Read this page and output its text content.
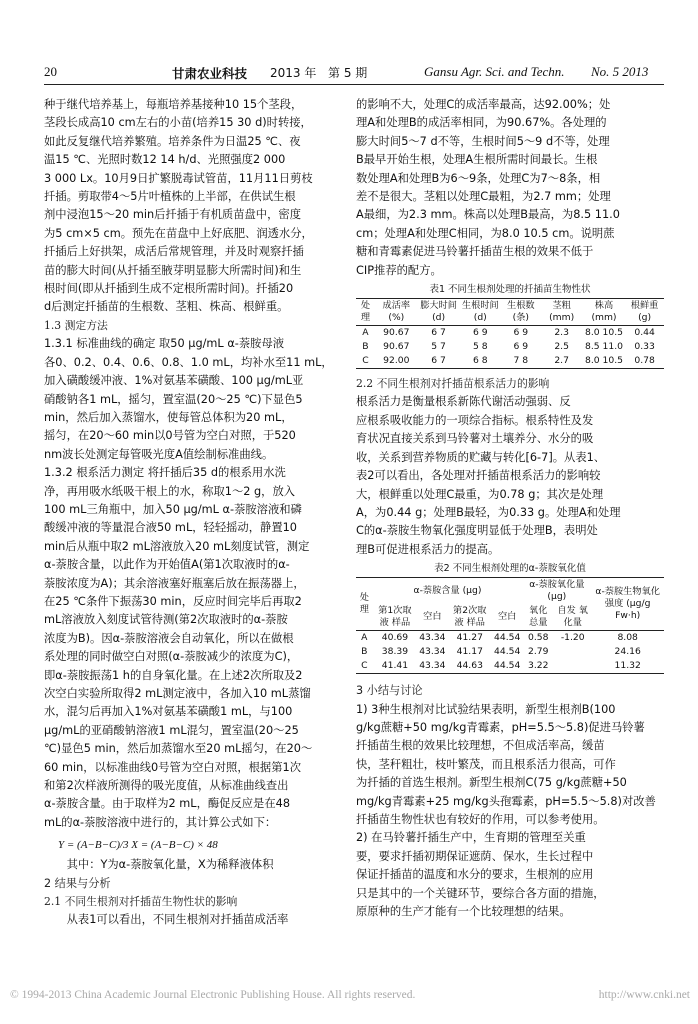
20	甘肃农业科技 2013 年 第 5 期	Gansu Agr. Sci. and Techn. No. 5 2013
种于继代培养基上，每瓶培养基接种10 15个茎段，
茎段长成高10 cm左右的小苗(培养15 30 d)时转接，
如此反复继代培养繁殖。培养条件为日温25 ℃、夜
温15 ℃、光照时数12 14 h/d、光照强度2 000
3 000 Lx。10月9日扩繁脱毒试管苗，11月11日剪枝
扦插。剪取带4～5片叶植株的上半部，在供试生根
剂中浸泡15～20 min后扦插于有机质苗盘中，密度
为5 cm×5 cm。预先在苗盘中上好底肥、润透水分，
扦插后上好拱架，成活后常规管理，并及时观察扦插
苗的膨大时间(从扦插至腋芽明显膨大所需时间)和生
根时间(即从扦插到生成不定根所需时间)。扦插20
d后测定扦插苗的生根数、茎粗、株高、根鲜重。
1.3 测定方法
1.3.1 标准曲线的确定 取50 μg/mL α-萘胺母液
各0、0.2、0.4、0.6、0.8、1.0 mL，均补水至11 mL，
加入磺酸缓冲液、1%对氨基苯磺酸、100 μg/mL亚
硝酸钠各1 mL，摇匀，置室温(20～25 ℃)下显色5
min，然后加入蒸馏水，使每管总体积为20 mL，
摇匀，在20～60 min以0号管为空白对照，于520
nm波长处测定每管吸光度A值绘制标准曲线。
1.3.2 根系活力测定 将扦插后35 d的根系用水洗
净，再用吸水纸吸干根上的水，称取1～2 g，放入
100 mL三角瓶中，加入50 μg/mL α-萘胺溶液和磷
酸缓冲液的等量混合液50 mL，轻轻摇动，静置10
min后从瓶中取2 mL溶液放入20 mL刻度试管，测定
α-萘胺含量，以此作为开始值A(第1次取液时的α-
萘胺浓度为A)；其余溶液塞好瓶塞后放在振荡器上，
在25 ℃条件下振荡30 min，反应时间完毕后再取2
mL溶液放入刻度试管待测(第2次取液时的α-萘胺
浓度为B)。因α-萘胺溶液会自动氧化，所以在做根
系处理的同时做空白对照(α-萘胺减少的浓度为C)，
即α-萘胺振荡1 h的自身氧化量。在上述2次所取及2
次空白实验所取得2 mL测定液中，各加入10 mL蒸馏
水，混匀后再加入1%对氨基苯磺酸1 mL，与100
μg/mL的亚硝酸钠溶液1 mL混匀，置室温(20～25
℃)显色5 min，然后加蒸馏水至20 mL摇匀，在20～
60 min，以标准曲线0号管为空白对照，根据第1次
和第2次样液所测得的吸光度值，从标准曲线查出
α-萘胺含量。由于取样为2 mL，酶促反应是在48
mL的α-萘胺溶液中进行的，其计算公式如下：
Y = (A−B−C)/3 X = (A−B−C) × 48
其中：Y为α-萘胺氧化量，X为稀释液体积
2 结果与分析
2.1 不同生根剂对扦插苗生物性状的影响
从表1可以看出，不同生根剂对扦插苗成活率
的影响不大，处理C的成活率最高，达92.00%；处
理A和处理B的成活率相同，为90.67%。各处理的
膨大时间5～7 d不等，生根时间5～9 d不等，处理
B最早开始生根，处理A生根所需时间最长。生根
数处理A和处理B为6～9条，处理C为7～8条，相
差不是很大。茎粗以处理C最粗，为2.7 mm；处理
A最细，为2.3 mm。株高以处理B最高，为8.5 11.0
cm；处理A和处理C相同，为8.0 10.5 cm。说明蔗
糖和青霉素促进马铃薯扦插苗生根的效果不低于
CIP推荐的配方。
表1 不同生根剂处理的扦插苗生物性状
处理	成活率 (%)	膨大时间 (d)	生根时间 (d)	生根数 (条)	茎粗 (mm)	株高 (mm)	根鲜重 (g)
A	90.67	6 7	6 9	6 9	2.3	8.0 10.5	0.44
B	90.67	5 7	5 8	6 9	2.5	8.5 11.0	0.33
C	92.00	6 7	6 8	7 8	2.7	8.0 10.5	0.78
2.2 不同生根剂对扦插苗根系活力的影响
根系活力是衡量根系新陈代谢活动强弱、反
应根系吸收能力的一项综合指标。根系特性及发
育状况直接关系到马铃薯对土壤养分、水分的吸
收，关系到营养物质的贮藏与转化[6-7]。从表1、
表2可以看出，各处理对扦插苗根系活力的影响较
大，根鲜重以处理C最重，为0.78 g；其次是处理
A，为0.44 g；处理B最轻，为0.33 g。处理A和处理
C的α-萘胺生物氧化强度明显低于处理B，表明处
理B可促进根系活力的提高。
表2 不同生根剂处理的α-萘胺氧化值
处理	α-萘胺含量 (μg)				α-萘胺氧化量 (μg)		α-萘胺生物氧化强度 (μg/g Fw·h)
	第1次取液 样品	空白	第2次取液 样品	空白	氧化 总量	自发 氧化量	
A	40.69	43.34	41.27	44.54	0.58	-1.20	8.08
B	38.39	43.34	41.17	44.54	2.79		24.16
C	41.41	43.34	44.63	44.54	3.22		11.32
3 小结与讨论
1) 3种生根剂对比试验结果表明，新型生根剂B(100
g/kg蔗糖+50 mg/kg青霉素，pH=5.5～5.8)促进马铃薯
扦插苗生根的效果比较理想，不但成活率高，缓苗
快，茎秆粗壮，枝叶繁茂，而且根系活力很高，可作
为扦插的首选生根剂。新型生根剂C(75 g/kg蔗糖+50
mg/kg青霉素+25 mg/kg头孢霉素，pH=5.5～5.8)对改善
扦插苗生物性状也有较好的作用，可以参考使用。
2) 在马铃薯扦插生产中，生育期的管理至关重
要，要求扦插初期保证遮荫、保水，生长过程中
保证扦插苗的温度和水分的要求，生根剂的应用
只是其中的一个关键环节，要综合各方面的措施，
原原种的生产才能有一个比较理想的结果。
© 1994-2013 China Academic Journal Electronic Publishing House. All rights reserved.	http://www.cnki.net
